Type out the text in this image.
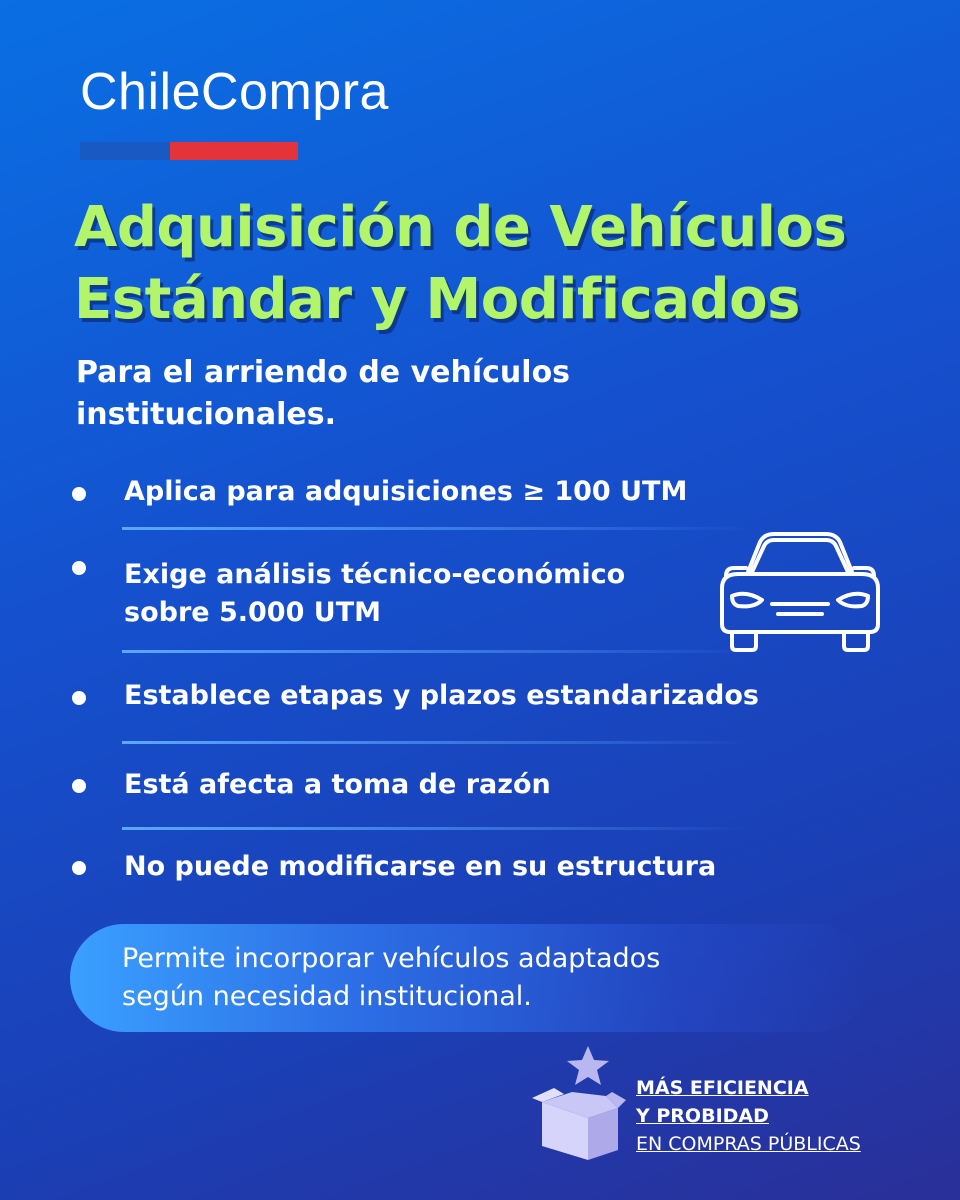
ChileCompra
Adquisición de Vehículos
Estándar y Modificados

Para el arriendo de vehículos
institucionales.

Aplica para adquisiciones ≥ 100 UTM
Exige análisis técnico-económico
sobre 5.000 UTM
Establece etapas y plazos estandarizados
Está afecta a toma de razón
No puede modificarse en su estructura
Permite incorporar vehículos adaptados
según necesidad institucional.
MÁS EFICIENCIA
Y PROBIDAD
EN COMPRAS PÚBLICAS
